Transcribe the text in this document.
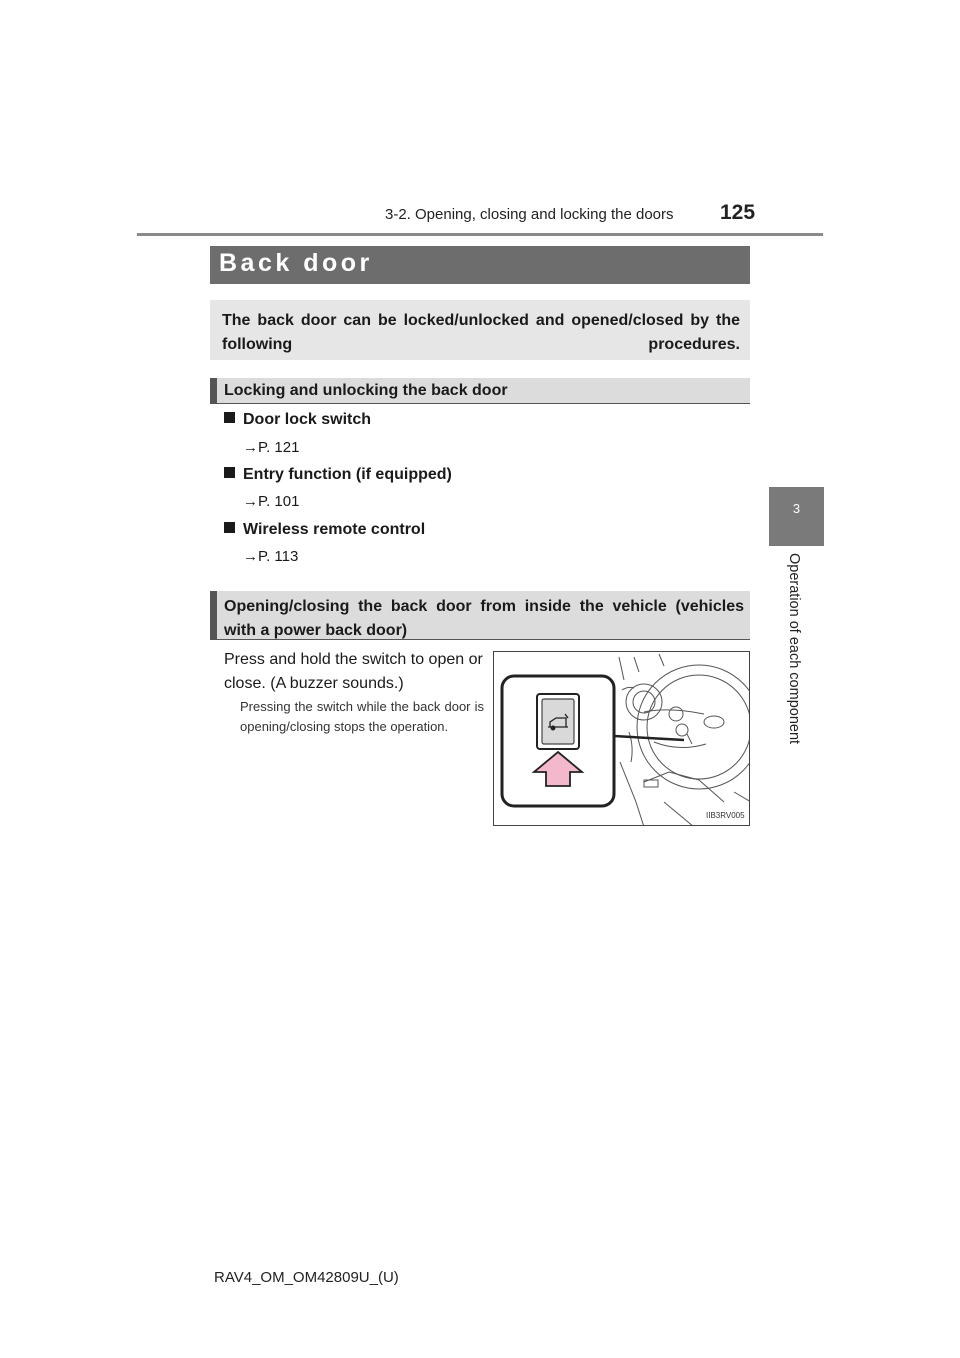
3-2. Opening, closing and locking the doors 125
3
Operation of each component
Back door
The back door can be locked/unlocked and opened/closed by the following procedures.
Locking and unlocking the back door
Door lock switch
→P. 121
Entry function (if equipped)
→P. 101
Wireless remote control
→P. 113
Opening/closing the back door from inside the vehicle (vehicles with a power back door)
Press and hold the switch to open or close. (A buzzer sounds.)
Pressing the switch while the back door is opening/closing stops the operation.
IIB3RV005
RAV4_OM_OM42809U_(U)
